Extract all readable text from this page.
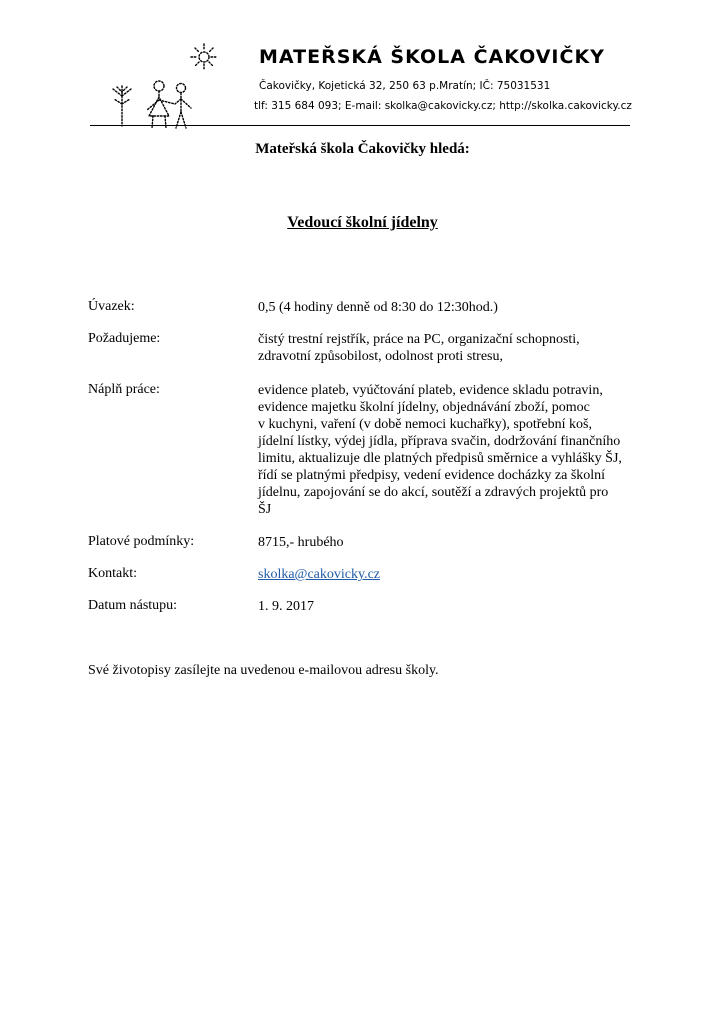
MATEŘSKÁ ŠKOLA ČAKOVIČKY
Čakovičky, Kojetická 32, 250 63 p.Mratín; IČ: 75031531
tlf: 315 684 093; E-mail: skolka@cakovicky.cz; http://skolka.cakovicky.cz
Mateřská škola Čakovičky hledá:
Vedoucí školní jídelny
Úvazek:	0,5 (4 hodiny denně od 8:30 do 12:30hod.)
Požadujeme:	čistý trestní rejstřík, práce na PC, organizační schopnosti,
zdravotní způsobilost, odolnost proti stresu,
Náplň práce:	evidence plateb, vyúčtování plateb, evidence skladu potravin,
evidence majetku školní jídelny, objednávání zboží, pomoc
v kuchyni, vaření (v době nemoci kuchařky), spotřební koš,
jídelní lístky, výdej jídla, příprava svačin, dodržování finančního
limitu, aktualizuje dle platných předpisů směrnice a vyhlášky ŠJ,
řídí se platnými předpisy, vedení evidence docházky za školní
jídelnu, zapojování se do akcí, soutěží a zdravých projektů pro
ŠJ
Platové podmínky:	8715,- hrubého
Kontakt:	skolka@cakovicky.cz
Datum nástupu:	1. 9. 2017
Své životopisy zasílejte na uvedenou e-mailovou adresu školy.
